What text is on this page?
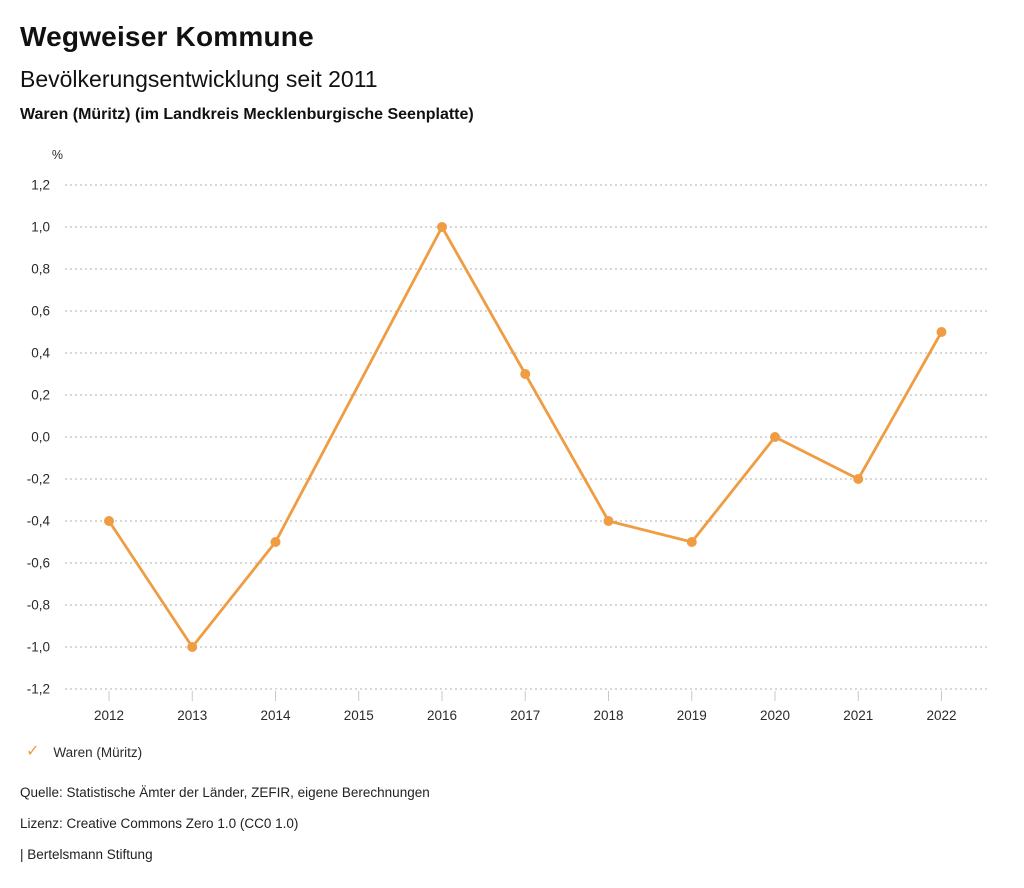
Wegweiser Kommune
Bevölkerungsentwicklung seit 2011
Waren (Müritz) (im Landkreis Mecklenburgische Seenplatte)
%
1,2
1,0
0,8
0,6
0,4
0,2
0,0
-0,2
-0,4
-0,6
-0,8
-1,0
-1,2
2012	2013	2014	2015	2016	2017	2018	2019	2020	2021	2022
✓ Waren (Müritz)
Quelle: Statistische Ämter der Länder, ZEFIR, eigene Berechnungen
Lizenz: Creative Commons Zero 1.0 (CC0 1.0)
| Bertelsmann Stiftung
